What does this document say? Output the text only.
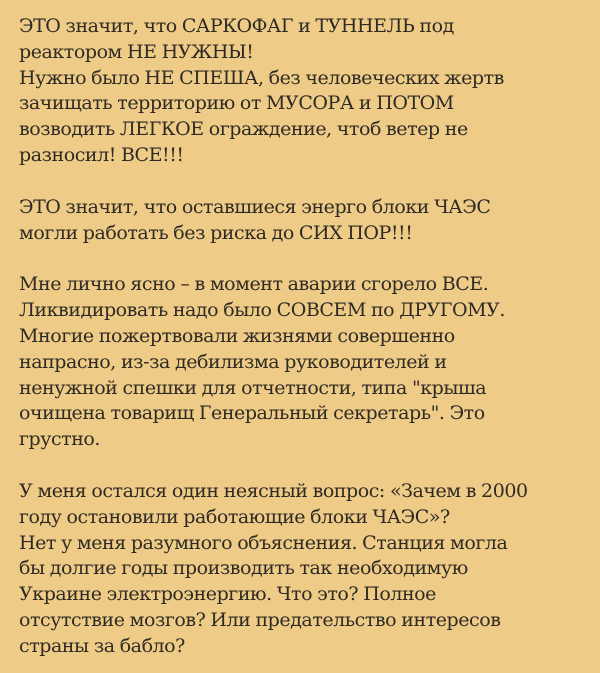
ЭТО значит, что САРКОФАГ и ТУННЕЛЬ под
реактором НЕ НУЖНЫ!
Нужно было НЕ СПЕША, без человеческих жертв
зачищать территорию от МУСОРА и ПОТОМ
возводить ЛЕГКОЕ ограждение, чтоб ветер не
разносил! ВСЕ!!!

ЭТО значит, что оставшиеся энерго блоки ЧАЭС
могли работать без риска до СИХ ПОР!!!

Мне лично ясно – в момент аварии сгорело ВСЕ.
Ликвидировать надо было СОВСЕМ по ДРУГОМУ.
Многие пожертвовали жизнями совершенно
напрасно, из-за дебилизма руководителей и
ненужной спешки для отчетности, типа "крыша
очищена товарищ Генеральный секретарь". Это
грустно.

У меня остался один неясный вопрос: «Зачем в 2000
году остановили работающие блоки ЧАЭС»?
Нет у меня разумного объяснения. Станция могла
бы долгие годы производить так необходимую
Украине электроэнергию. Что это? Полное
отсутствие мозгов? Или предательство интересов
страны за бабло?
